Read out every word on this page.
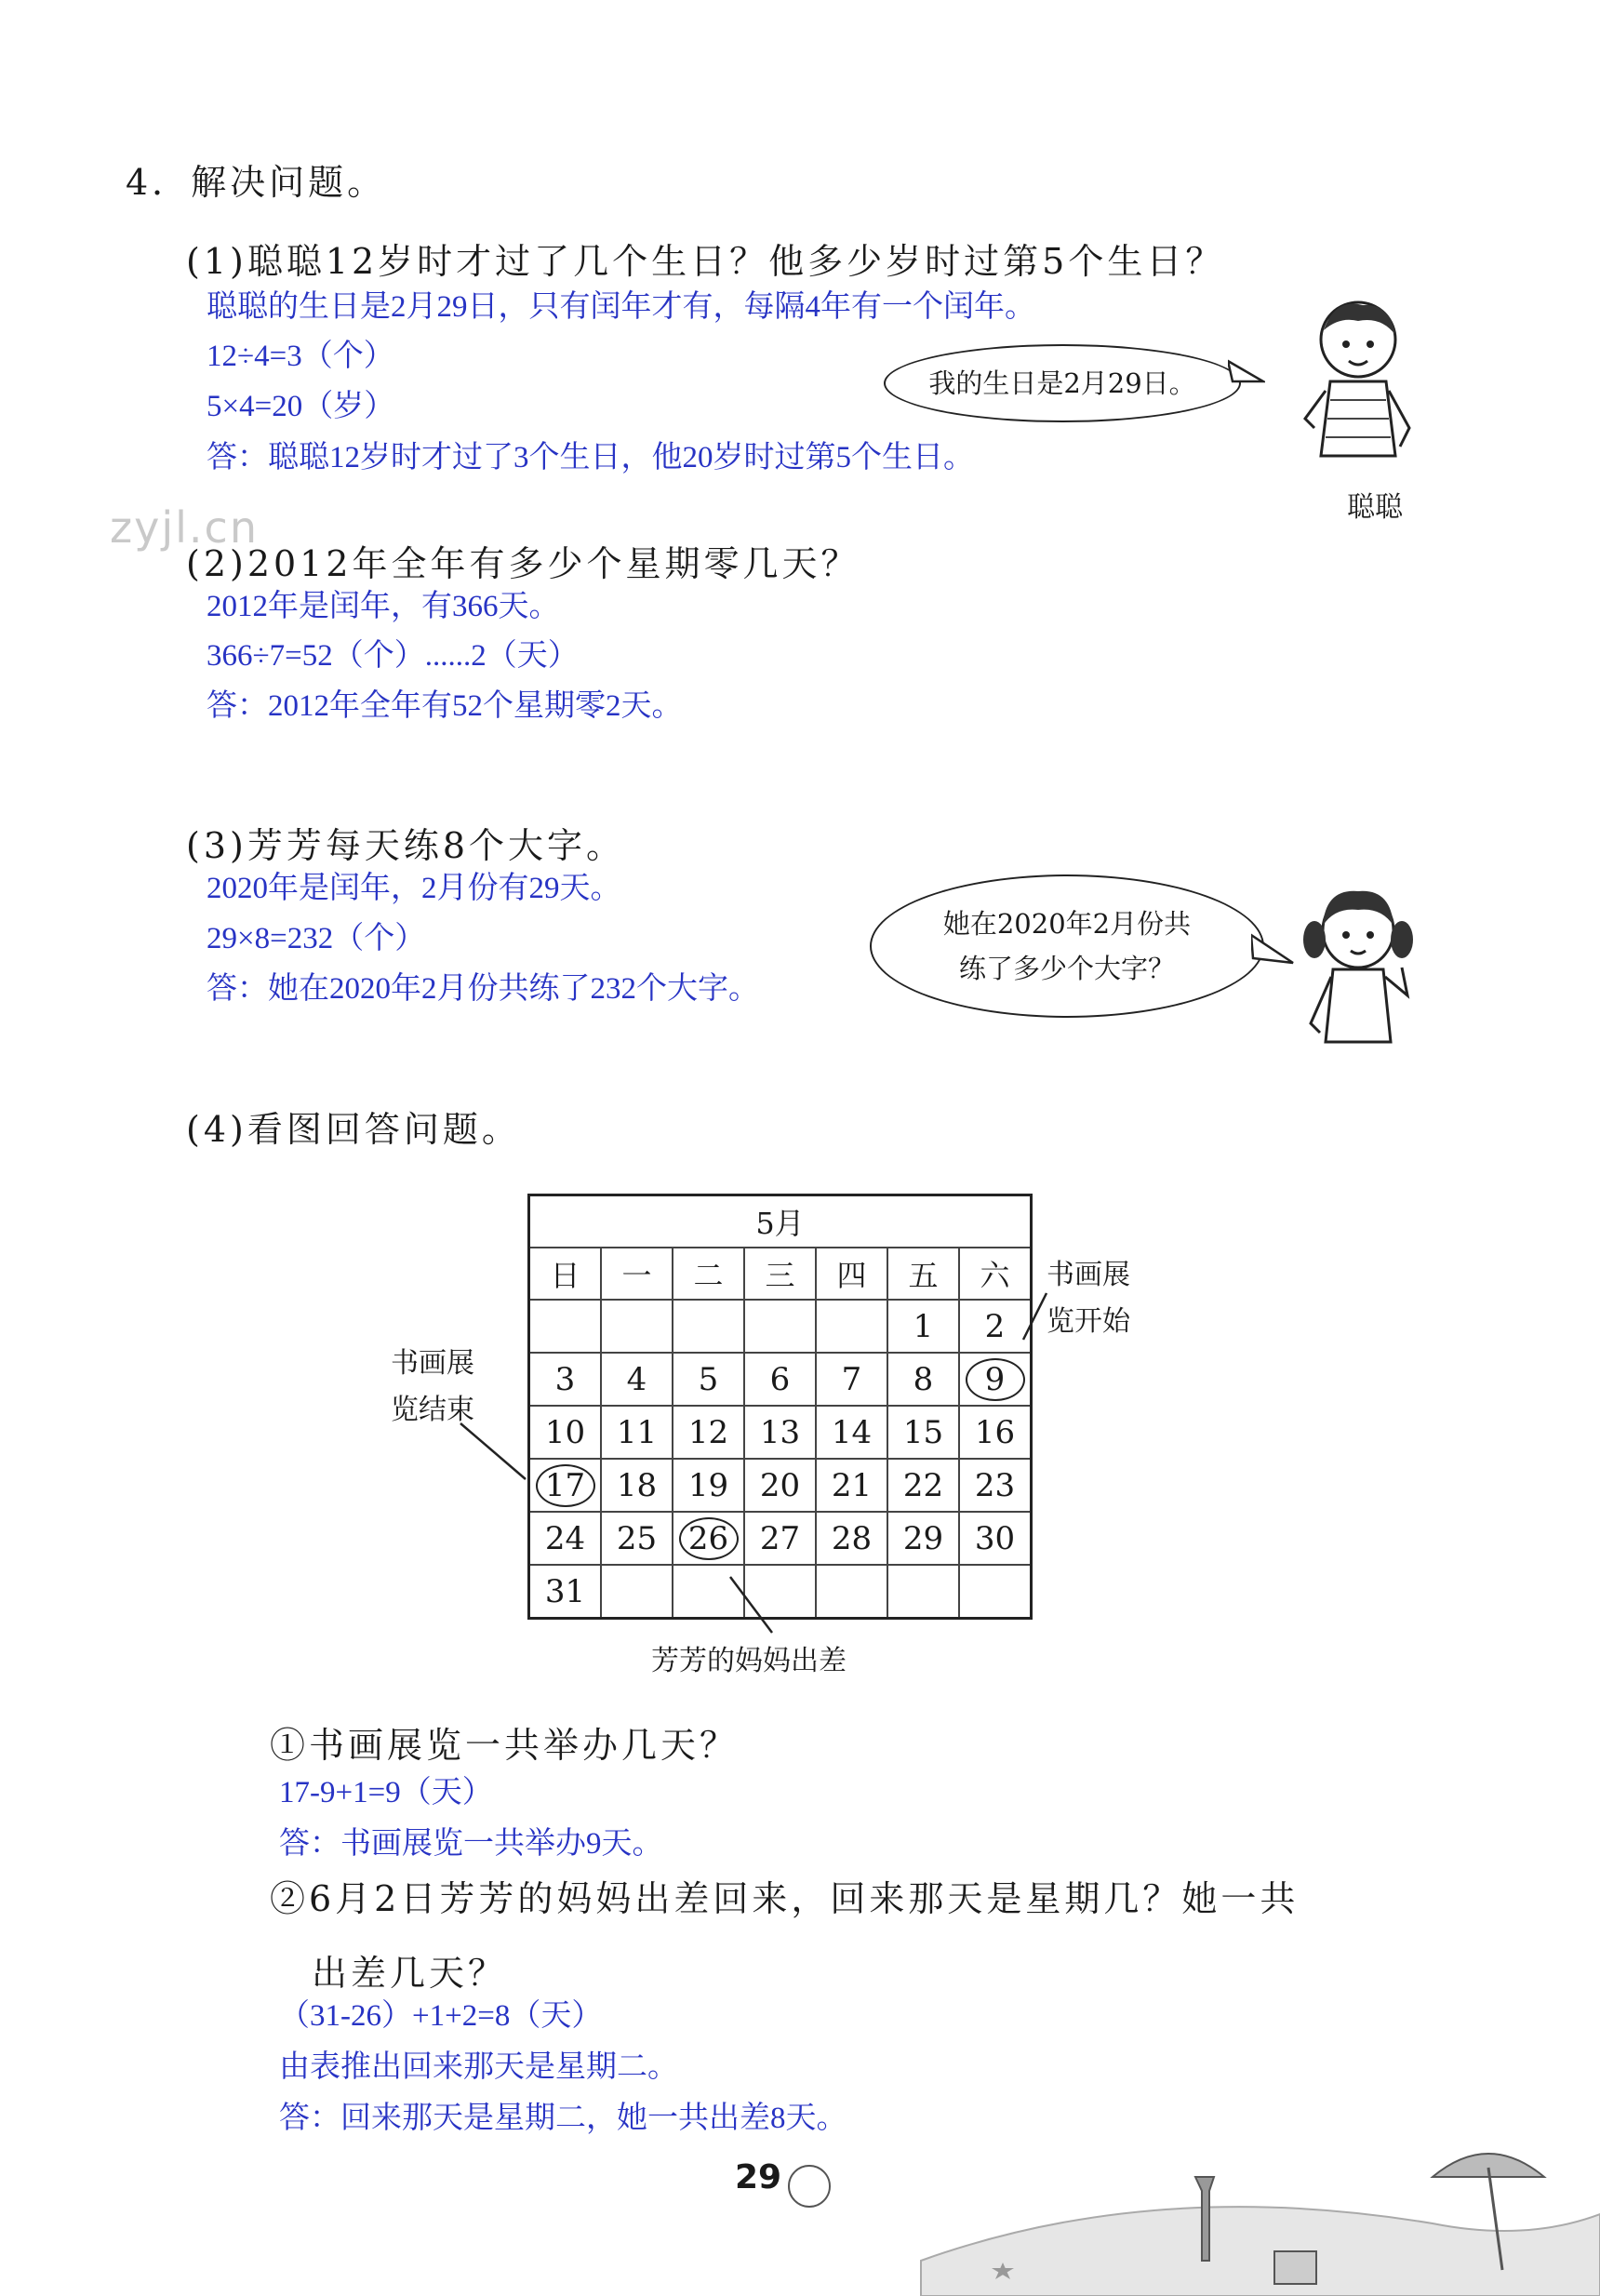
4．解决问题。
zyjl.cn
(1)聪聪12岁时才过了几个生日？他多少岁时过第5个生日？
聪聪的生日是2月29日，只有闰年才有，每隔4年有一个闰年。
12÷4=3（个）
5×4=20（岁）
答：聪聪12岁时才过了3个生日，他20岁时过第5个生日。
我的生日是2月29日。
聪聪
(2)2012年全年有多少个星期零几天？
2012年是闰年，有366天。
366÷7=52（个）......2（天）
答：2012年全年有52个星期零2天。
(3)芳芳每天练8个大字。
2020年是闰年，2月份有29天。
29×8=232（个）
答：她在2020年2月份共练了232个大字。
她在2020年2月份共
练了多少个大字？
(4)看图回答问题。
5月						
日	一	二	三	四	五	六
					1	2
3	4	5	6	7	8	9
10	11	12	13	14	15	16
17	18	19	20	21	22	23
24	25	26	27	28	29	30
31						
书画展
览开始
书画展
览结束
芳芳的妈妈出差
①书画展览一共举办几天？
17-9+1=9（天）
答：书画展览一共举办9天。
②6月2日芳芳的妈妈出差回来，回来那天是星期几？她一共
出差几天？
（31-26）+1+2=8（天）
由表推出回来那天是星期二。
答：回来那天是星期二，她一共出差8天。
29
